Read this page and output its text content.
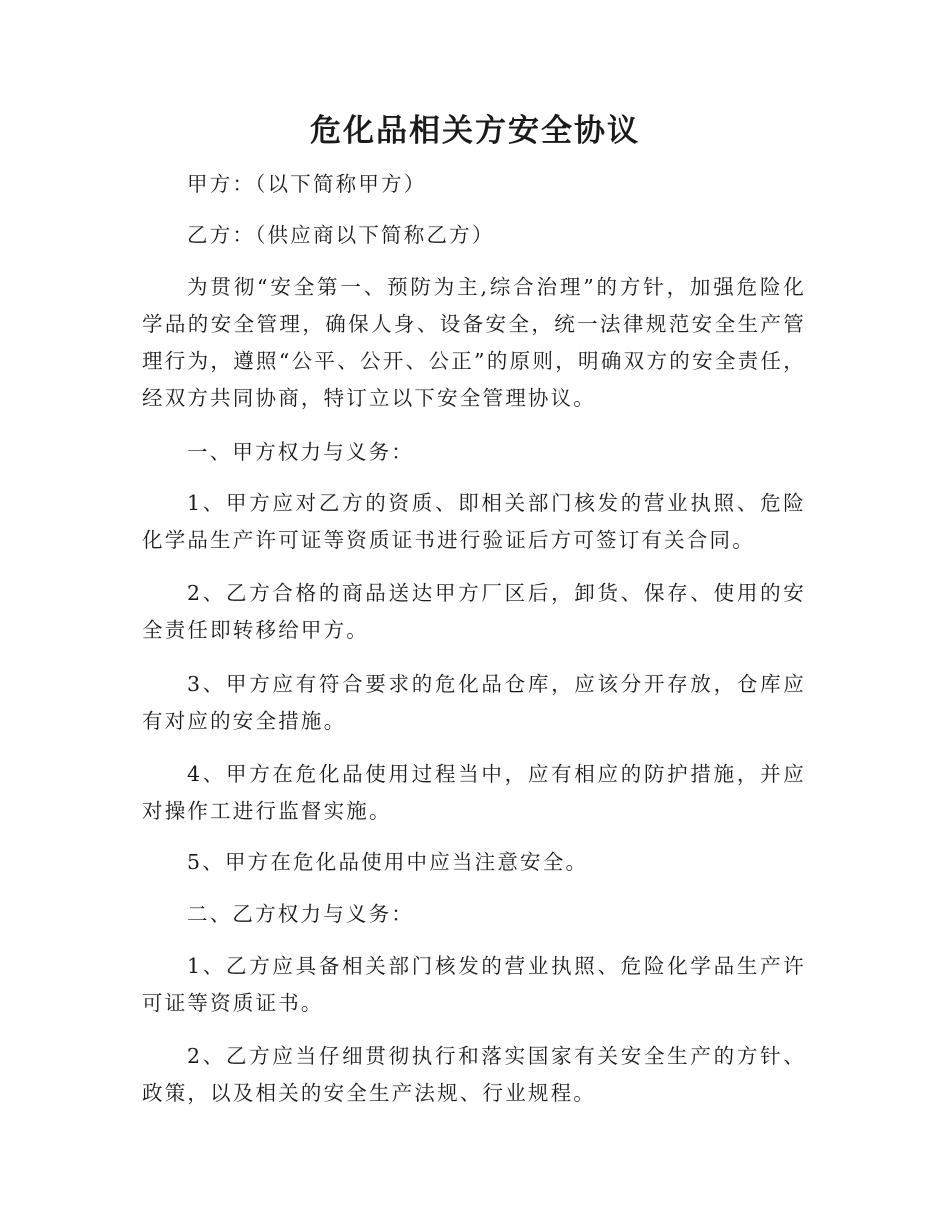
危化品相关方安全协议

甲方：（以下简称甲方）

乙方：（供应商以下简称乙方）

为贯彻“安全第一、预防为主,综合治理”的方针，加强危险化学品的安全管理，确保人身、设备安全，统一法律规范安全生产管理行为，遵照“公平、公开、公正”的原则，明确双方的安全责任，经双方共同协商，特订立以下安全管理协议。

一、甲方权力与义务：

1、甲方应对乙方的资质、即相关部门核发的营业执照、危险化学品生产许可证等资质证书进行验证后方可签订有关合同。

2、乙方合格的商品送达甲方厂区后，卸货、保存、使用的安全责任即转移给甲方。

3、甲方应有符合要求的危化品仓库，应该分开存放，仓库应有对应的安全措施。

4、甲方在危化品使用过程当中，应有相应的防护措施，并应对操作工进行监督实施。

5、甲方在危化品使用中应当注意安全。

二、乙方权力与义务：

1、乙方应具备相关部门核发的营业执照、危险化学品生产许可证等资质证书。

2、乙方应当仔细贯彻执行和落实国家有关安全生产的方针、政策，以及相关的安全生产法规、行业规程。
